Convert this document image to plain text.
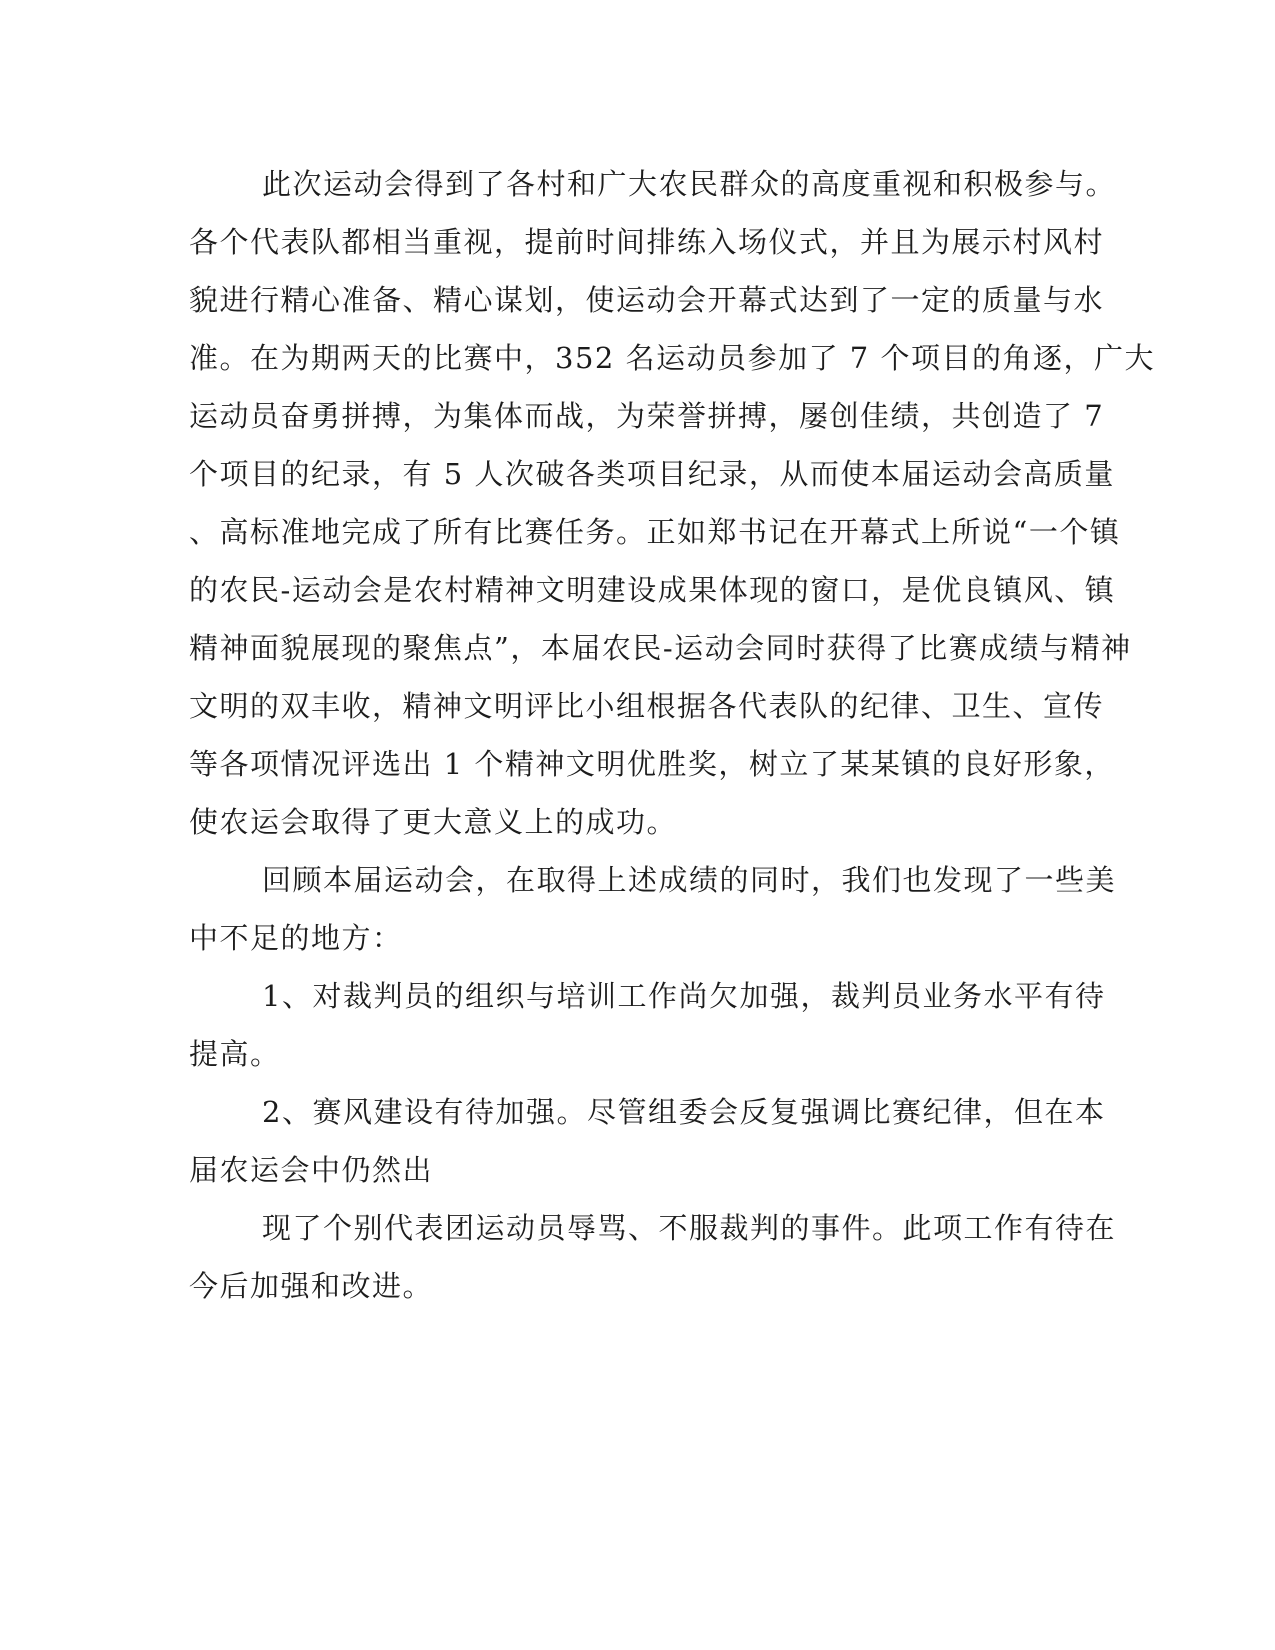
此次运动会得到了各村和广大农民群众的高度重视和积极参与。
各个代表队都相当重视，提前时间排练入场仪式，并且为展示村风村
貌进行精心准备、精心谋划，使运动会开幕式达到了一定的质量与水
准。在为期两天的比赛中，352 名运动员参加了 7 个项目的角逐，广大
运动员奋勇拼搏，为集体而战，为荣誉拼搏，屡创佳绩，共创造了 7
个项目的纪录，有 5 人次破各类项目纪录，从而使本届运动会高质量
、高标准地完成了所有比赛任务。正如郑书记在开幕式上所说“一个镇
的农民-运动会是农村精神文明建设成果体现的窗口，是优良镇风、镇
精神面貌展现的聚焦点”，本届农民-运动会同时获得了比赛成绩与精神
文明的双丰收，精神文明评比小组根据各代表队的纪律、卫生、宣传
等各项情况评选出 1 个精神文明优胜奖，树立了某某镇的良好形象，
使农运会取得了更大意义上的成功。
回顾本届运动会，在取得上述成绩的同时，我们也发现了一些美
中不足的地方：
1、对裁判员的组织与培训工作尚欠加强，裁判员业务水平有待
提高。
2、赛风建设有待加强。尽管组委会反复强调比赛纪律，但在本
届农运会中仍然出
现了个别代表团运动员辱骂、不服裁判的事件。此项工作有待在
今后加强和改进。
